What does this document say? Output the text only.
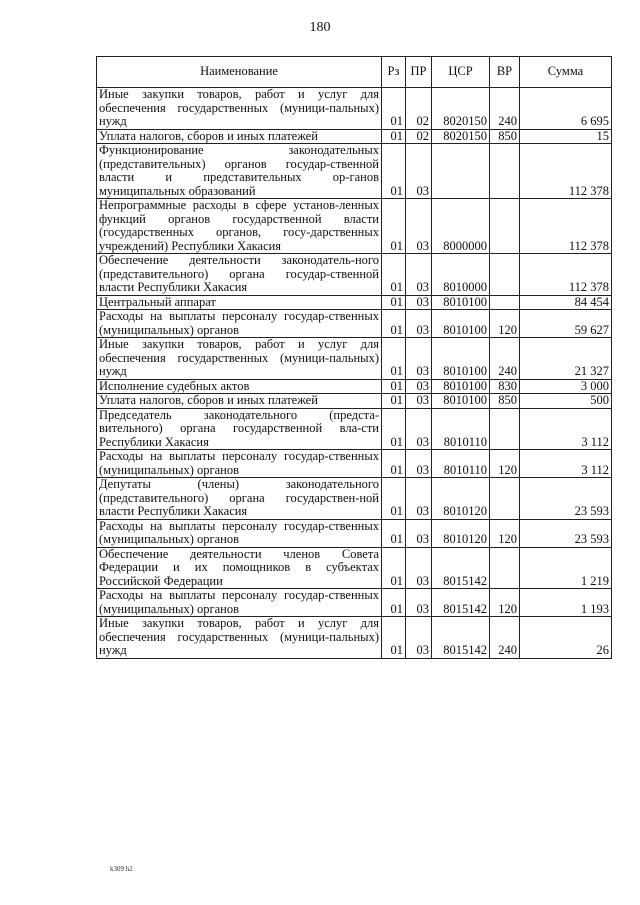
180
Наименование	Рз	ПР	ЦСР	ВР	Сумма
Иные закупки товаров, работ и услуг для обеспечения государственных (муници-пальных) нужд	01	02	8020150	240	6 695
Уплата налогов, сборов и иных платежей	01	02	8020150	850	15
Функционирование законодательных (представительных) органов государ-ственной власти и представительных ор-ганов муниципальных образований	01	03			112 378
Непрограммные расходы в сфере установ-ленных функций органов государственной власти (государственных органов, госу-дарственных учреждений) Республики Хакасия	01	03	8000000		112 378
Обеспечение деятельности законодатель-ного (представительного) органа государ-ственной власти Республики Хакасия	01	03	8010000		112 378
Центральный аппарат	01	03	8010100		84 454
Расходы на выплаты персоналу государ-ственных (муниципальных) органов	01	03	8010100	120	59 627
Иные закупки товаров, работ и услуг для обеспечения государственных (муници-пальных) нужд	01	03	8010100	240	21 327
Исполнение судебных актов	01	03	8010100	830	3 000
Уплата налогов, сборов и иных платежей	01	03	8010100	850	500
Председатель законодательного (предста-вительного) органа государственной вла-сти Республики Хакасия	01	03	8010110		3 112
Расходы на выплаты персоналу государ-ственных (муниципальных) органов	01	03	8010110	120	3 112
Депутаты (члены) законодательного (представительного) органа государствен-ной власти Республики Хакасия	01	03	8010120		23 593
Расходы на выплаты персоналу государ-ственных (муниципальных) органов	01	03	8010120	120	23 593
Обеспечение деятельности членов Совета Федерации и их помощников в субъектах Российской Федерации	01	03	8015142		1 219
Расходы на выплаты персоналу государ-ственных (муниципальных) органов	01	03	8015142	120	1 193
Иные закупки товаров, работ и услуг для обеспечения государственных (муници-пальных) нужд	01	03	8015142	240	26
k309 h2
